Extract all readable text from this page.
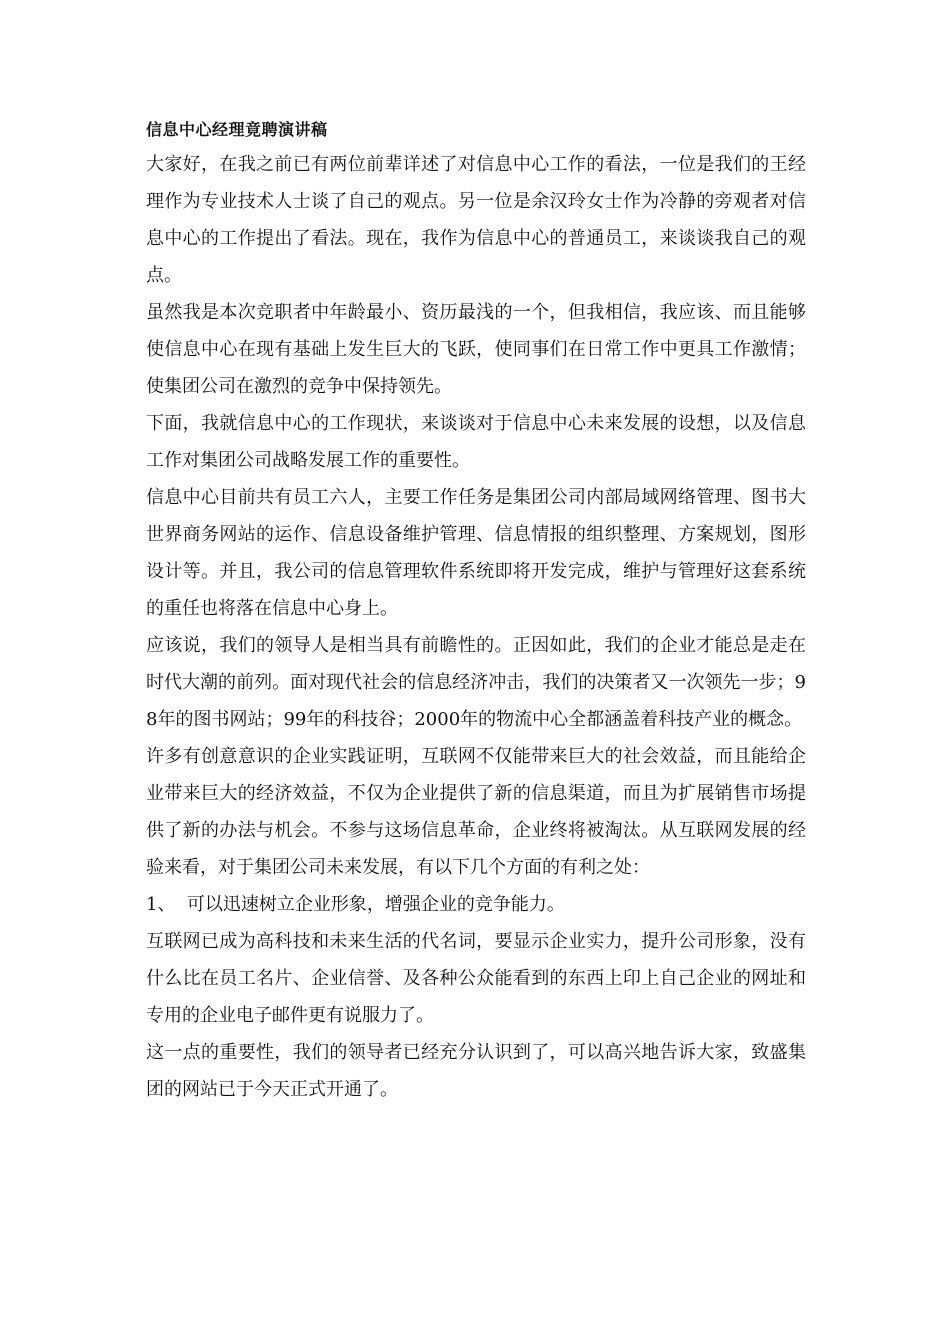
信息中心经理竟聘演讲稿

大家好，在我之前已有两位前辈详述了对信息中心工作的看法，一位是我们的王经理作为专业技术人士谈了自己的观点。另一位是余汉玲女士作为冷静的旁观者对信息中心的工作提出了看法。现在，我作为信息中心的普通员工，来谈谈我自己的观点。

虽然我是本次竞职者中年龄最小、资历最浅的一个，但我相信，我应该、而且能够使信息中心在现有基础上发生巨大的飞跃，使同事们在日常工作中更具工作激情；使集团公司在激烈的竞争中保持领先。

下面，我就信息中心的工作现状，来谈谈对于信息中心未来发展的设想，以及信息工作对集团公司战略发展工作的重要性。

信息中心目前共有员工六人，主要工作任务是集团公司内部局域网络管理、图书大世界商务网站的运作、信息设备维护管理、信息情报的组织整理、方案规划，图形设计等。并且，我公司的信息管理软件系统即将开发完成，维护与管理好这套系统的重任也将落在信息中心身上。

应该说，我们的领导人是相当具有前瞻性的。正因如此，我们的企业才能总是走在时代大潮的前列。面对现代社会的信息经济冲击，我们的决策者又一次领先一步；98年的图书网站；99年的科技谷；2000年的物流中心全都涵盖着科技产业的概念。

许多有创意意识的企业实践证明，互联网不仅能带来巨大的社会效益，而且能给企业带来巨大的经济效益，不仅为企业提供了新的信息渠道，而且为扩展销售市场提供了新的办法与机会。不参与这场信息革命，企业终将被淘汰。从互联网发展的经验来看，对于集团公司未来发展，有以下几个方面的有利之处：

1、  可以迅速树立企业形象，增强企业的竞争能力。

互联网已成为高科技和未来生活的代名词，要显示企业实力，提升公司形象，没有什么比在员工名片、企业信誉、及各种公众能看到的东西上印上自己企业的网址和专用的企业电子邮件更有说服力了。

这一点的重要性，我们的领导者已经充分认识到了，可以高兴地告诉大家，致盛集团的网站已于今天正式开通了。
